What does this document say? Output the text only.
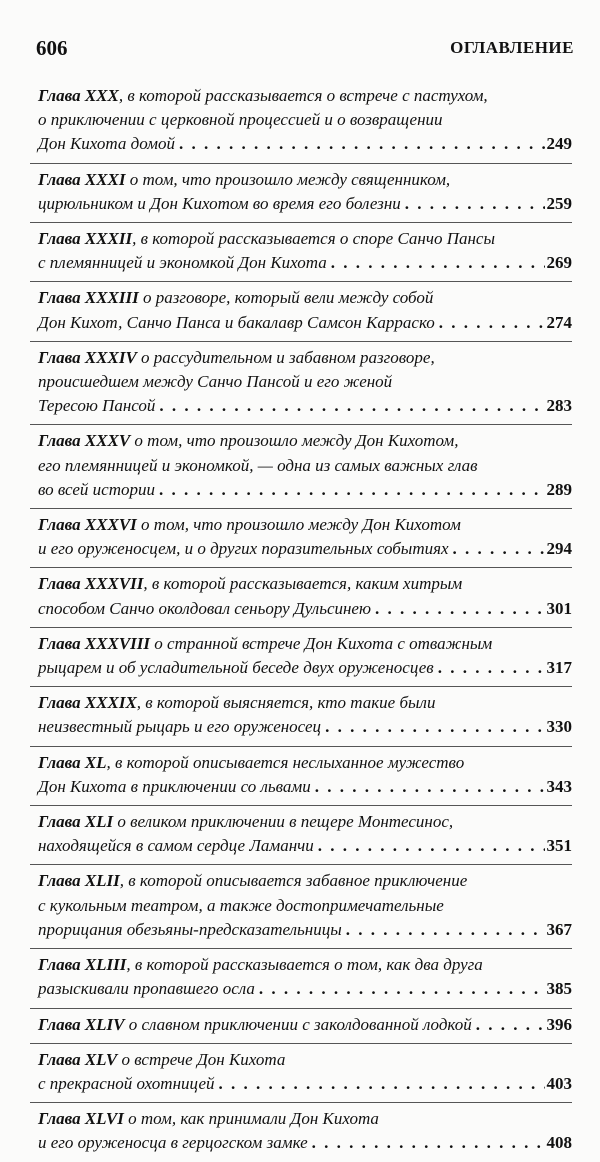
606	ОГЛАВЛЕНИЕ
Глава XXX, в которой рассказывается о встрече с пастухом,
о приключении с церковной процессией и о возвращении
Дон Кихота домой . . .	249
Глава XXXI о том, что произошло между священником,
цирюльником и Дон Кихотом во время его болезни . . .	259
Глава XXXII, в которой рассказывается о споре Санчо Пансы
с племянницей и экономкой Дон Кихота . . .	269
Глава XXXIII о разговоре, который вели между собой
Дон Кихот, Санчо Панса и бакалавр Самсон Карраско . . .	274
Глава XXXIV о рассудительном и забавном разговоре,
происшедшем между Санчо Пансой и его женой
Тересою Пансой . . .	283
Глава XXXV о том, что произошло между Дон Кихотом,
его племянницей и экономкой, — одна из самых важных глав
во всей истории . . .	289
Глава XXXVI о том, что произошло между Дон Кихотом
и его оруженосцем, и о других поразительных событиях . . .	294
Глава XXXVII, в которой рассказывается, каким хитрым
способом Санчо околдовал сеньору Дульсинею . . .	301
Глава XXXVIII о странной встрече Дон Кихота с отважным
рыцарем и об усладительной беседе двух оруженосцев . . .	317
Глава XXXIX, в которой выясняется, кто такие были
неизвестный рыцарь и его оруженосец . . .	330
Глава XL, в которой описывается неслыханное мужество
Дон Кихота в приключении со львами . . .	343
Глава XLI о великом приключении в пещере Монтесинос,
находящейся в самом сердце Ламанчи . . .	351
Глава XLII, в которой описывается забавное приключение
с кукольным театром, а также достопримечательные
прорицания обезьяны-предсказательницы . . .	367
Глава XLIII, в которой рассказывается о том, как два друга
разыскивали пропавшего осла . . .	385
Глава XLIV о славном приключении с заколдованной лодкой . . .	396
Глава XLV о встрече Дон Кихота
с прекрасной охотницей . . .	403
Глава XLVI о том, как принимали Дон Кихота
и его оруженосца в герцогском замке . . .	408
